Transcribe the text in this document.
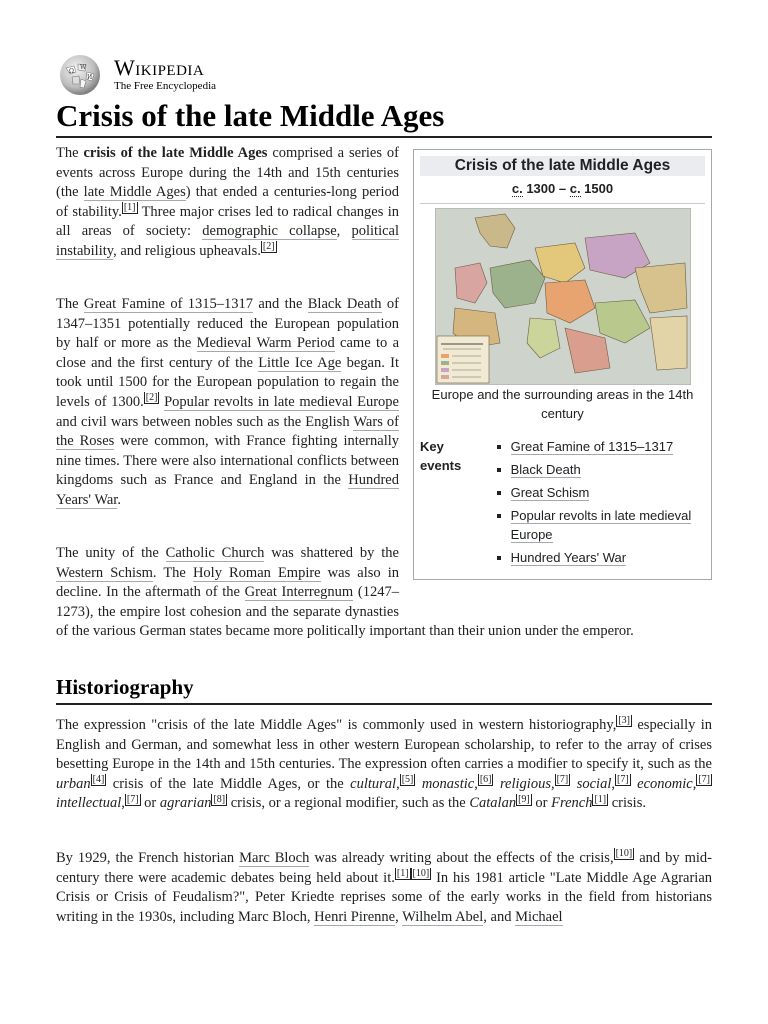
Ω
W
И Wikipedia
The Free Encyclopedia
Crisis of the late Middle Ages

The crisis of the late Middle Ages comprised a series of events across Europe during the 14th and 15th centuries (the late Middle Ages) that ended a centuries-long period of stability. [1] Three major crises led to radical changes in all areas of society: demographic collapse, political instability, and religious upheavals. [2]

The Great Famine of 1315–1317 and the Black Death of 1347–1351 potentially reduced the European population by half or more as the Medieval Warm Period came to a close and the first century of the Little Ice Age began. It took until 1500 for the European population to regain the levels of 1300. [2] Popular revolts in late medieval Europe and civil wars between nobles such as the English Wars of the Roses were common, with France fighting internally nine times. There were also international conflicts between kingdoms such as France and England in the Hundred Years' War.

The unity of the Catholic Church was shattered by the Western Schism. The Holy Roman Empire was also in decline. In the aftermath of the Great Interregnum (1247–1273), the empire lost cohesion and the separate dynasties of the various German states became more politically important than their union under the emperor.

Crisis of the late Middle Ages
c. 1300 – c. 1500
Europe and the surrounding areas in the 14th century
Key events
Great Famine of 1315–1317
Black Death
Great Schism
Popular revolts in late medieval Europe
Hundred Years' War
Historiography

The expression "crisis of the late Middle Ages" is commonly used in western historiography, [3] especially in English and German, and somewhat less in other western European scholarship, to refer to the array of crises besetting Europe in the 14th and 15th centuries. The expression often carries a modifier to specify it, such as the urban [4] crisis of the late Middle Ages, or the cultural, [5] monastic, [6] religious, [7] social, [7] economic, [7] intellectual, [7] or agrarian [8] crisis, or a regional modifier, such as the Catalan [9] or French [1] crisis.

By 1929, the French historian Marc Bloch was already writing about the effects of the crisis, [10] and by mid-century there were academic debates being held about it. [1] [10] In his 1981 article "Late Middle Age Agrarian Crisis or Crisis of Feudalism?", Peter Kriedte reprises some of the early works in the field from historians writing in the 1930s, including Marc Bloch, Henri Pirenne, Wilhelm Abel, and Michael
